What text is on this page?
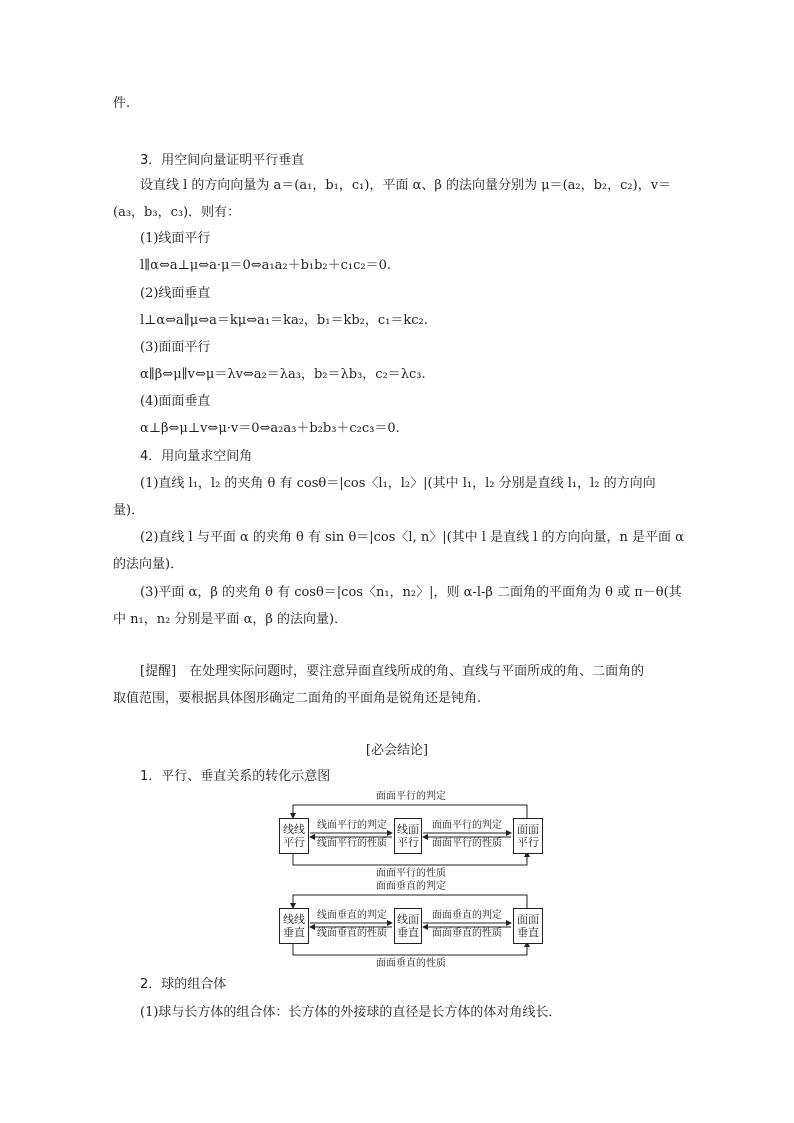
件.
3．用空间向量证明平行垂直
设直线 l 的方向向量为 a＝(a₁，b₁，c₁)，平面 α、β 的法向量分别为 μ＝(a₂，b₂，c₂)，v＝
(a₃，b₃，c₃)．则有：
(1)线面平行
l∥α⇔a⊥μ⇔a·μ＝0⇔a₁a₂＋b₁b₂＋c₁c₂＝0.
(2)线面垂直
l⊥α⇔a∥μ⇔a＝kμ⇔a₁＝ka₂，b₁＝kb₂，c₁＝kc₂.
(3)面面平行
α∥β⇔μ∥v⇔μ＝λv⇔a₂＝λa₃，b₂＝λb₃，c₂＝λc₃.
(4)面面垂直
α⊥β⇔μ⊥v⇔μ·v＝0⇔a₂a₃＋b₂b₃＋c₂c₃＝0.
4．用向量求空间角
(1)直线 l₁，l₂ 的夹角 θ 有 cosθ＝|cos〈l₁，l₂〉|(其中 l₁，l₂ 分别是直线 l₁，l₂ 的方向向
量)．
(2)直线 l 与平面 α 的夹角 θ 有 sin θ＝|cos〈l, n〉|(其中 l 是直线 l 的方向向量，n 是平面 α
的法向量)．
(3)平面 α，β 的夹角 θ 有 cosθ＝|cos〈n₁，n₂〉|，则 α-l-β 二面角的平面角为 θ 或 π－θ(其
中 n₁，n₂ 分别是平面 α，β 的法向量)．
[提醒]　在处理实际问题时，要注意异面直线所成的角、直线与平面所成的角、二面角的
取值范围，要根据具体图形确定二面角的平面角是锐角还是钝角.
[必会结论]
1．平行、垂直关系的转化示意图
面面平行的判定
面面平行的性质
线线
平行
线面
平行
面面
平行
线面平行的判定
线面平行的性质
面面平行的判定
面面平行的性质
面面垂直的判定
面面垂直的性质
线线
垂直
线面
垂直
面面
垂直
线面垂直的判定
线面垂直的性质
面面垂直的判定
面面垂直的性质
2．球的组合体
(1)球与长方体的组合体：长方体的外接球的直径是长方体的体对角线长．
